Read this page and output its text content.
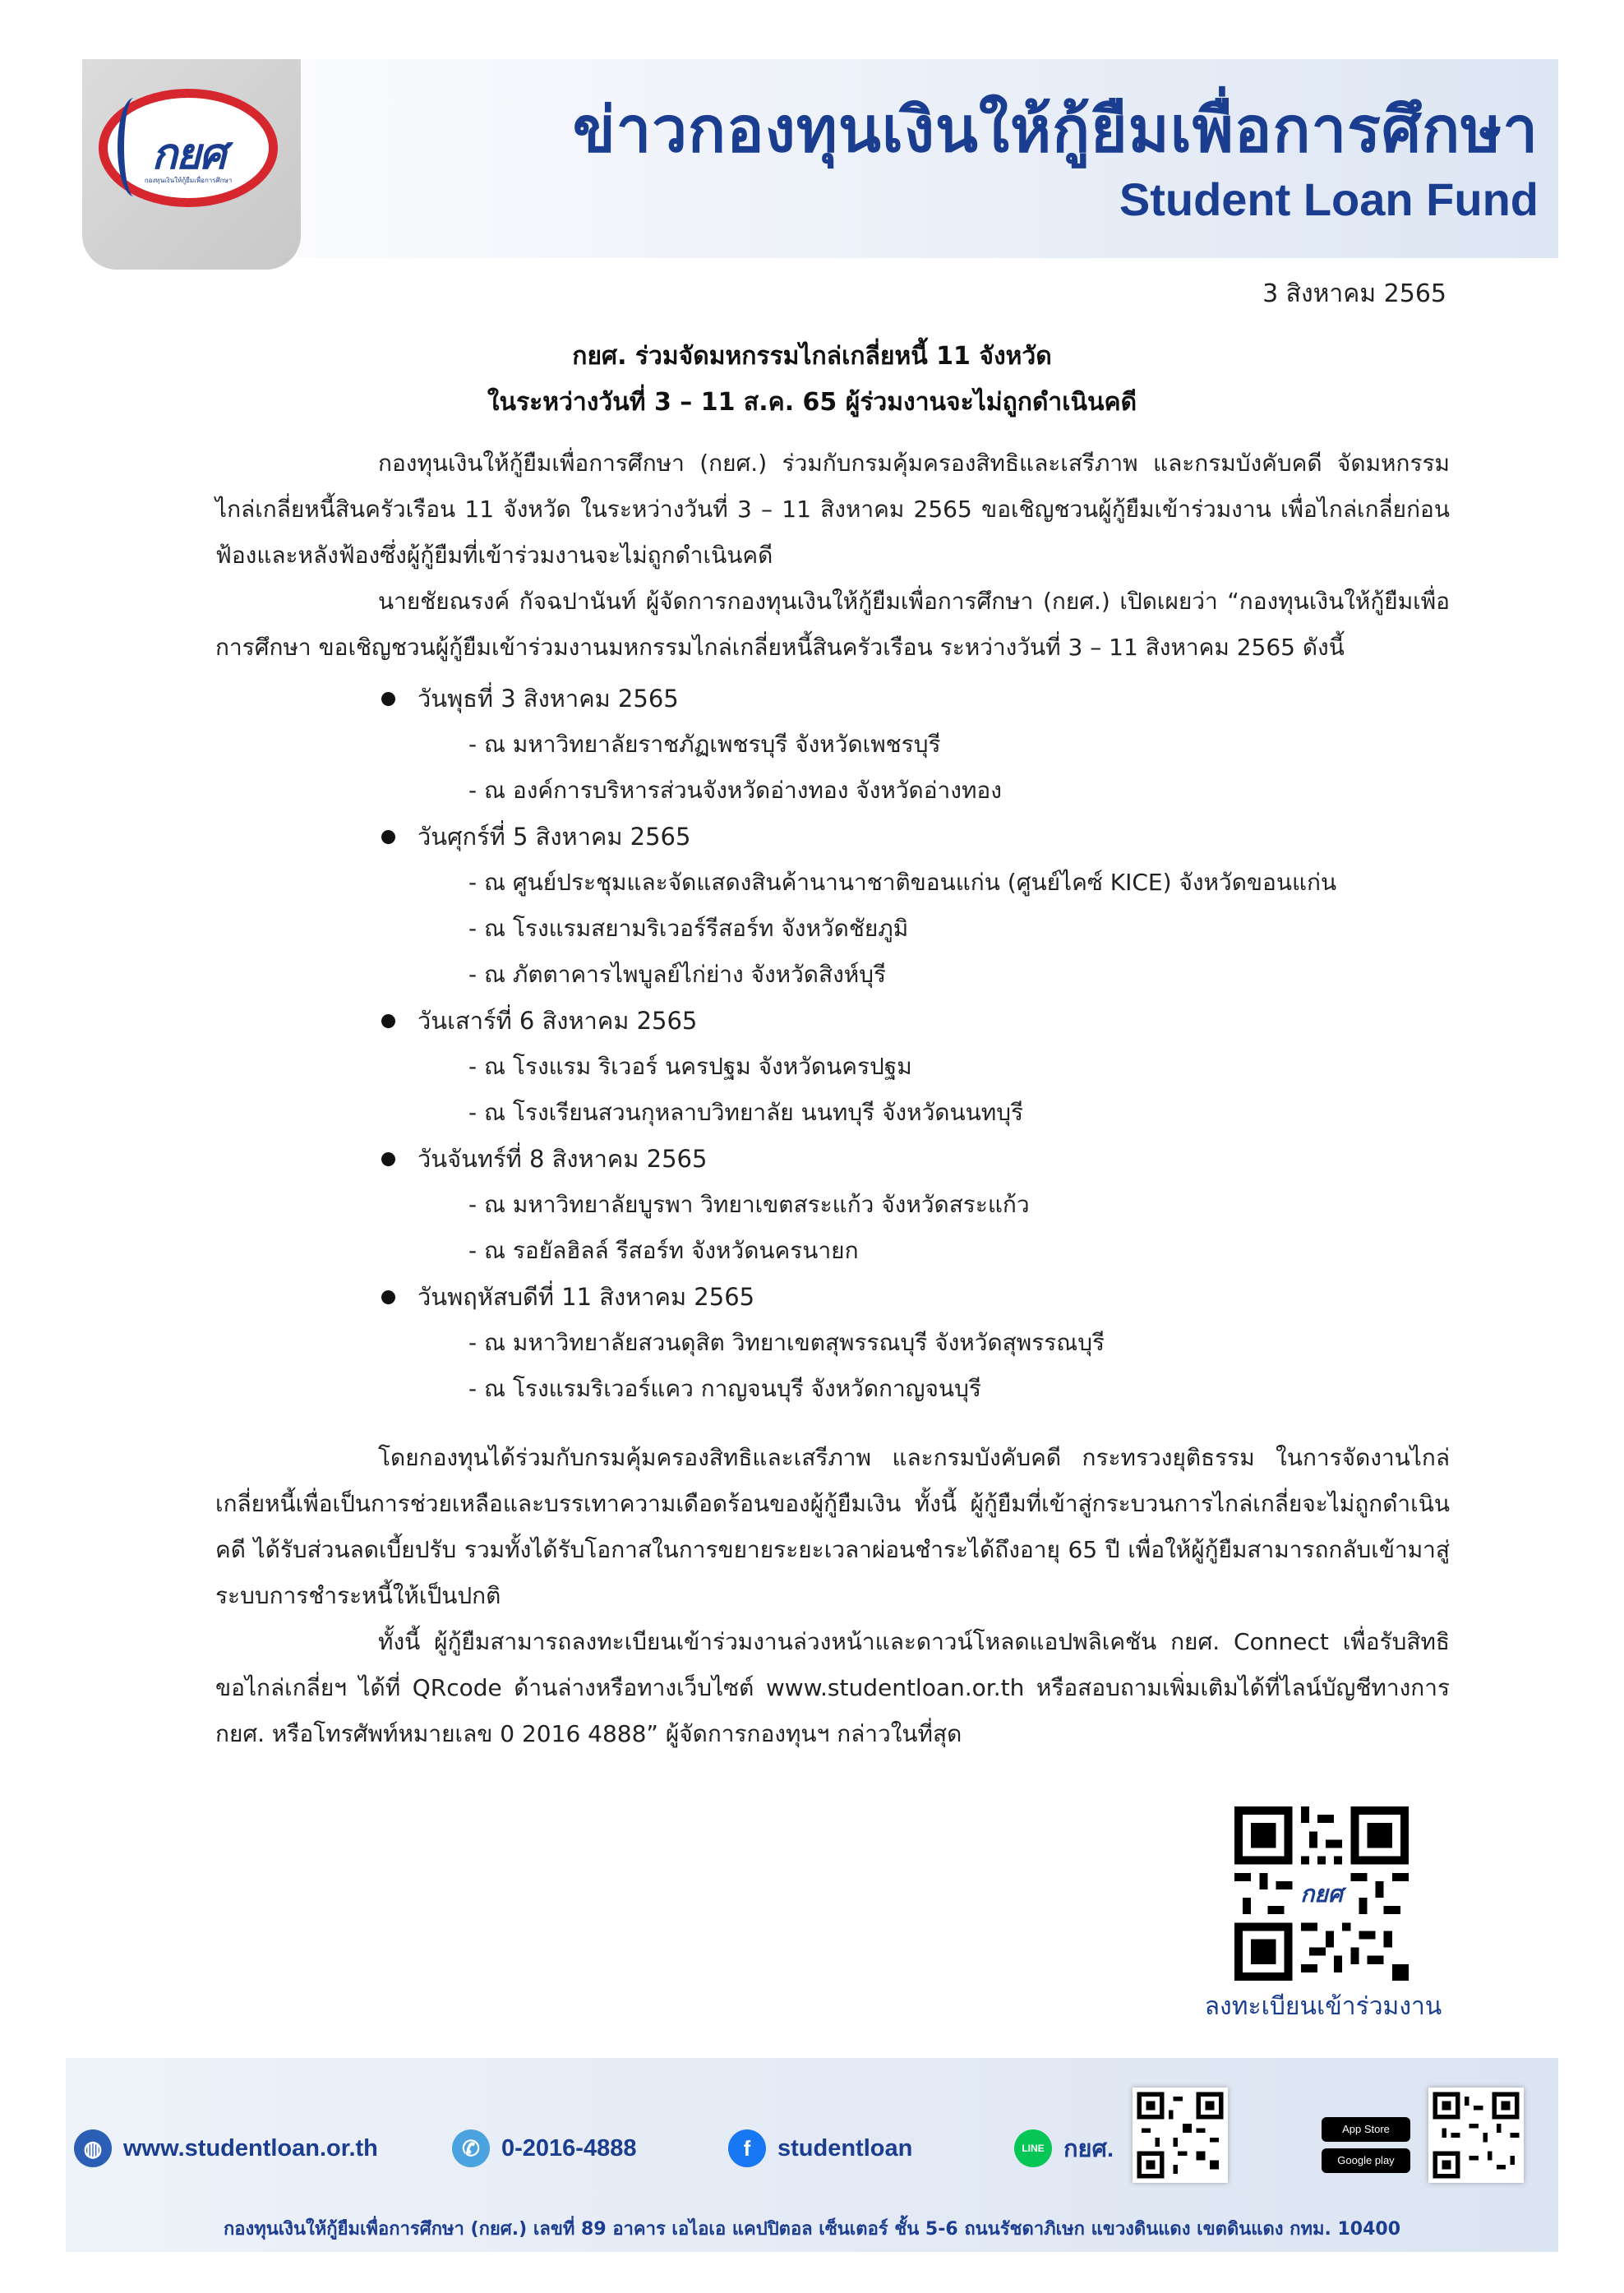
กยศ
กองทุนเงินให้กู้ยืมเพื่อการศึกษา
ข่าวกองทุนเงินให้กู้ยืมเพื่อการศึกษา
Student Loan Fund
3 สิงหาคม 2565
กยศ. ร่วมจัดมหกรรมไกล่เกลี่ยหนี้ 11 จังหวัด
ในระหว่างวันที่ 3 – 11 ส.ค. 65 ผู้ร่วมงานจะไม่ถูกดำเนินคดี

กองทุนเงินให้กู้ยืมเพื่อการศึกษา (กยศ.) ร่วมกับกรมคุ้มครองสิทธิและเสรีภาพ และกรมบังคับคดี จัดมหกรรมไกล่เกลี่ยหนี้สินครัวเรือน 11 จังหวัด ในระหว่างวันที่ 3 – 11 สิงหาคม 2565 ขอเชิญชวนผู้กู้ยืมเข้าร่วมงาน เพื่อไกล่เกลี่ยก่อนฟ้องและหลังฟ้องซึ่งผู้กู้ยืมที่เข้าร่วมงานจะไม่ถูกดำเนินคดี

นายชัยณรงค์ กัจฉปานันท์ ผู้จัดการกองทุนเงินให้กู้ยืมเพื่อการศึกษา (กยศ.) เปิดเผยว่า “กองทุนเงินให้กู้ยืมเพื่อการศึกษา ขอเชิญชวนผู้กู้ยืมเข้าร่วมงานมหกรรมไกล่เกลี่ยหนี้สินครัวเรือน ระหว่างวันที่ 3 – 11 สิงหาคม 2565 ดังนี้

วันพุธที่ 3 สิงหาคม 2565
- ณ มหาวิทยาลัยราชภัฏเพชรบุรี จังหวัดเพชรบุรี
- ณ องค์การบริหารส่วนจังหวัดอ่างทอง จังหวัดอ่างทอง
วันศุกร์ที่ 5 สิงหาคม 2565
- ณ ศูนย์ประชุมและจัดแสดงสินค้านานาชาติขอนแก่น (ศูนย์ไคซ์ KICE) จังหวัดขอนแก่น
- ณ โรงแรมสยามริเวอร์รีสอร์ท จังหวัดชัยภูมิ
- ณ ภัตตาคารไพบูลย์ไก่ย่าง จังหวัดสิงห์บุรี
วันเสาร์ที่ 6 สิงหาคม 2565
- ณ โรงแรม ริเวอร์ นครปฐม จังหวัดนครปฐม
- ณ โรงเรียนสวนกุหลาบวิทยาลัย นนทบุรี จังหวัดนนทบุรี
วันจันทร์ที่ 8 สิงหาคม 2565
- ณ มหาวิทยาลัยบูรพา วิทยาเขตสระแก้ว จังหวัดสระแก้ว
- ณ รอยัลฮิลล์ รีสอร์ท จังหวัดนครนายก
วันพฤหัสบดีที่ 11 สิงหาคม 2565
- ณ มหาวิทยาลัยสวนดุสิต วิทยาเขตสุพรรณบุรี จังหวัดสุพรรณบุรี
- ณ โรงแรมริเวอร์แคว กาญจนบุรี จังหวัดกาญจนบุรี

โดยกองทุนได้ร่วมกับกรมคุ้มครองสิทธิและเสรีภาพ และกรมบังคับคดี กระทรวงยุติธรรม ในการจัดงานไกล่เกลี่ยหนี้เพื่อเป็นการช่วยเหลือและบรรเทาความเดือดร้อนของผู้กู้ยืมเงิน ทั้งนี้ ผู้กู้ยืมที่เข้าสู่กระบวนการไกล่เกลี่ยจะไม่ถูกดำเนินคดี ได้รับส่วนลดเบี้ยปรับ รวมทั้งได้รับโอกาสในการขยายระยะเวลาผ่อนชำระได้ถึงอายุ 65 ปี เพื่อให้ผู้กู้ยืมสามารถกลับเข้ามาสู่ระบบการชำระหนี้ให้เป็นปกติ

ทั้งนี้ ผู้กู้ยืมสามารถลงทะเบียนเข้าร่วมงานล่วงหน้าและดาวน์โหลดแอปพลิเคชัน กยศ. Connect เพื่อรับสิทธิขอไกล่เกลี่ยฯ ได้ที่ QRcode ด้านล่างหรือทางเว็บไซต์ www.studentloan.or.th หรือสอบถามเพิ่มเติมได้ที่ไลน์บัญชีทางการ กยศ. หรือโทรศัพท์หมายเลข 0 2016 4888” ผู้จัดการกองทุนฯ กล่าวในที่สุด

กยศ
ลงทะเบียนเข้าร่วมงาน
◍ www.studentloan.or.th	✆ 0-2016-4888	f	studentloan	LINE กยศ.
App Store
Google play
กองทุนเงินให้กู้ยืมเพื่อการศึกษา (กยศ.) เลขที่ 89 อาคาร เอไอเอ แคปปิตอล เซ็นเตอร์ ชั้น 5-6 ถนนรัชดาภิเษก แขวงดินแดง เขตดินแดง กทม. 10400
